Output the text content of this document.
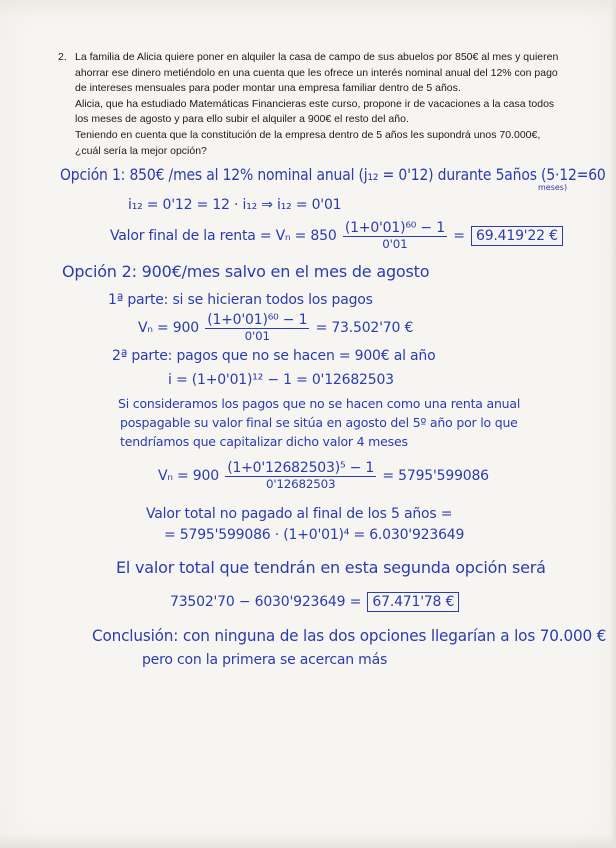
2. La familia de Alicia quiere poner en alquiler la casa de campo de sus abuelos por 850€ al mes y quieren

ahorrar ese dinero metiéndolo en una cuenta que les ofrece un interés nominal anual del 12% con pago

de intereses mensuales para poder montar una empresa familiar dentro de 5 años.

Alicia, que ha estudiado Matemáticas Financieras este curso, propone ir de vacaciones a la casa todos

los meses de agosto y para ello subir el alquiler a 900€ el resto del año.

Teniendo en cuenta que la constitución de la empresa dentro de 5 años les supondrá unos 70.000€,

¿cuál sería la mejor opción?

Opción 1: 850€ /mes al 12% nominal anual (j₁₂ = 0'12) durante 5años (5·12=60
meses)
i₁₂ = 0'12 = 12 · i₁₂ ⇒ i₁₂ = 0'01
Valor final de la renta = $V_n = 850 \frac{\text{(1+0'01)⁶⁰ − 1}}{0'01} = 69.419'22$ €
Opción 2: 900€/mes salvo en el mes de agosto
1ª parte: si se hicieran todos los pagos
$V_n = 900 \frac{\text{(1+0'01)⁶⁰ − 1}}{0'01} = 73.502'70$ €
2ª parte: pagos que no se hacen = 900€ al año
i = (1+0'01)¹² − 1 = 0'12682503
Si consideramos los pagos que no se hacen como una renta anual
pospagable su valor final se sitúa en agosto del 5º año por lo que
tendríamos que capitalizar dicho valor 4 meses
$V_n = 900 \frac{\text{(1+0'12682503)⁵ − 1}}{0'12682503} = 5795'599086$
Valor total no pagado al final de los 5 años =
= 5795'599086 · (1+0'01)⁴ = 6.030'923649
El valor total que tendrán en esta segunda opción será
73502'70 − 6030'923649 = 67.471'78 €
Conclusión: con ninguna de las dos opciones llegarían a los 70.000 €
pero con la primera se acercan más
